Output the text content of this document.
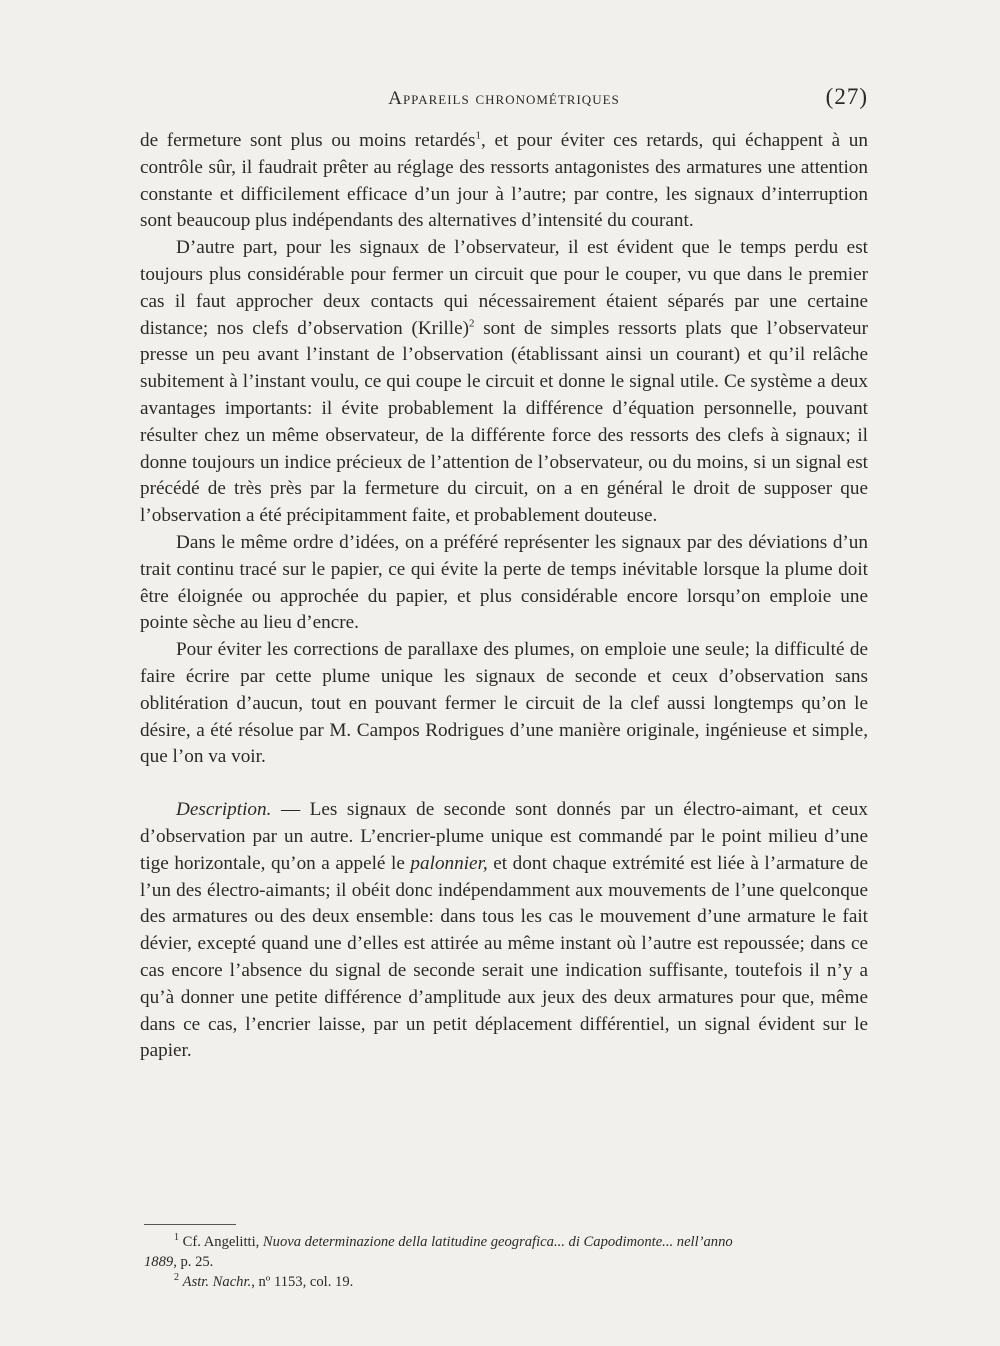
Appareils chronométriques	(27)

de fermeture sont plus ou moins retardés$^1$, et pour éviter ces retards, qui échappent à un contrôle sûr, il faudrait prêter au réglage des ressorts antagonistes des armatures une attention constante et difficilement efficace d’un jour à l’autre; par contre, les signaux d’interruption sont beaucoup plus indépendants des alternatives d’intensité du courant.

D’autre part, pour les signaux de l’observateur, il est évident que le temps perdu est toujours plus considérable pour fermer un circuit que pour le couper, vu que dans le premier cas il faut approcher deux contacts qui nécessairement étaient séparés par une certaine distance; nos clefs d’observation (Krille)$^2$ sont de simples ressorts plats que l’observateur presse un peu avant l’instant de l’observation (établissant ainsi un courant) et qu’il relâche subitement à l’instant voulu, ce qui coupe le circuit et donne le signal utile. Ce système a deux avantages importants: il évite probablement la différence d’équation personnelle, pouvant résulter chez un même observateur, de la différente force des ressorts des clefs à signaux; il donne toujours un indice précieux de l’attention de l’observateur, ou du moins, si un signal est précédé de très près par la fermeture du circuit, on a en général le droit de supposer que l’observation a été précipitamment faite, et probablement douteuse.

Dans le même ordre d’idées, on a préféré représenter les signaux par des déviations d’un trait continu tracé sur le papier, ce qui évite la perte de temps inévitable lorsque la plume doit être éloignée ou approchée du papier, et plus considérable encore lorsqu’on emploie une pointe sèche au lieu d’encre.

Pour éviter les corrections de parallaxe des plumes, on emploie une seule; la difficulté de faire écrire par cette plume unique les signaux de seconde et ceux d’observation sans oblitération d’aucun, tout en pouvant fermer le circuit de la clef aussi longtemps qu’on le désire, a été résolue par M. Campos Rodrigues d’une manière originale, ingénieuse et simple, que l’on va voir.

Description. — Les signaux de seconde sont donnés par un électro-aimant, et ceux d’observation par un autre. L’encrier-plume unique est commandé par le point milieu d’une tige horizontale, qu’on a appelé le palonnier, et dont chaque extrémité est liée à l’armature de l’un des électro-aimants; il obéit donc indépendamment aux mouvements de l’une quelconque des armatures ou des deux ensemble: dans tous les cas le mouvement d’une armature le fait dévier, excepté quand une d’elles est attirée au même instant où l’autre est repoussée; dans ce cas encore l’absence du signal de seconde serait une indication suffisante, toutefois il n’y a qu’à donner une petite différence d’amplitude aux jeux des deux armatures pour que, même dans ce cas, l’encrier laisse, par un petit déplacement différentiel, un signal évident sur le papier.

$^1$ Cf. Angelitti, Nuova determinazione della latitudine geografica... di Capodimonte... nell’anno
1889, p. 25.

$^2$ Astr. Nachr., nº 1153, col. 19.
